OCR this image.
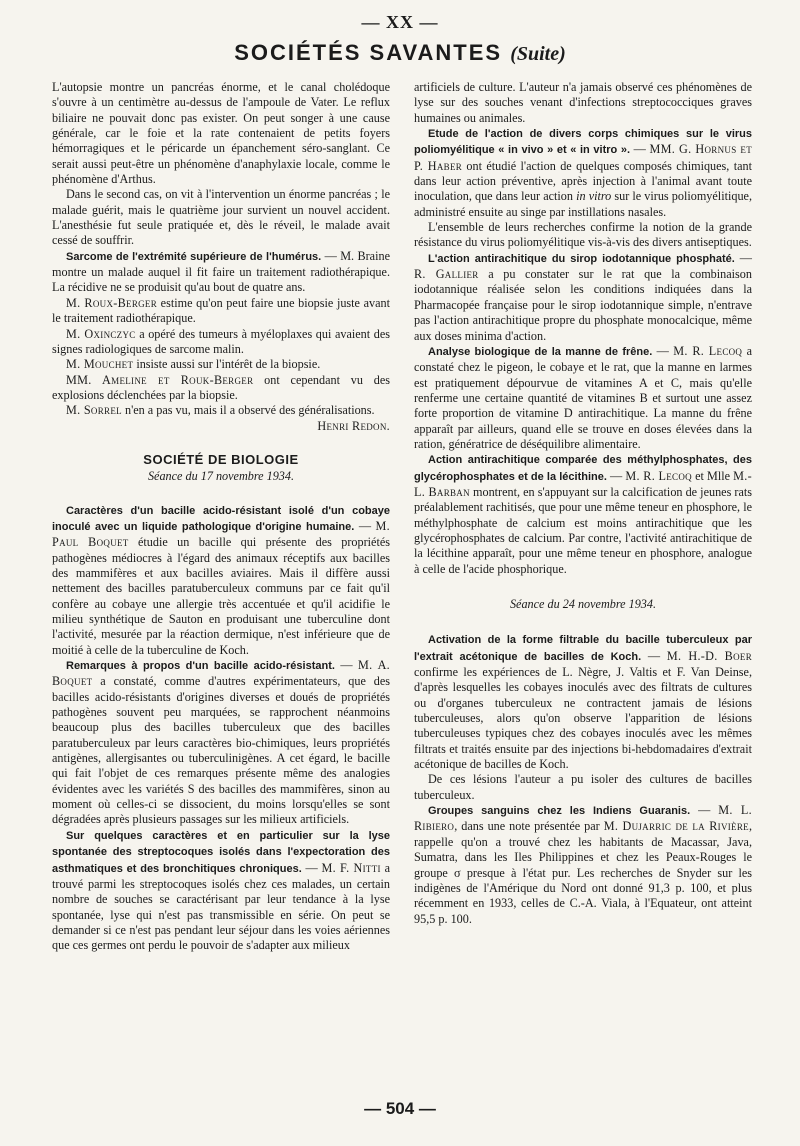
— XX —
SOCIÉTÉS SAVANTES (Suite)

L'autopsie montre un pancréas énorme, et le canal cholédoque s'ouvre à un centimètre au-dessus de l'ampoule de Vater. Le reflux biliaire ne pouvait donc pas exister. On peut songer à une cause générale, car le foie et la rate contenaient de petits foyers hémorragiques et le péricarde un épanchement séro-sanglant. Ce serait aussi peut-être un phénomène d'anaphylaxie locale, comme le phénomène d'Arthus.

Dans le second cas, on vit à l'intervention un énorme pancréas ; le malade guérit, mais le quatrième jour survient un nouvel accident. L'anesthésie fut seule pratiquée et, dès le réveil, le malade avait cessé de souffrir.

Sarcome de l'extrémité supérieure de l'humérus. — M. Braine montre un malade auquel il fit faire un traitement radiothérapique. La récidive ne se produisit qu'au bout de quatre ans.

M. Roux-Berger estime qu'on peut faire une biopsie juste avant le traitement radiothérapique.

M. Oxinczyc a opéré des tumeurs à myéloplaxes qui avaient des signes radiologiques de sarcome malin.

M. Mouchet insiste aussi sur l'intérêt de la biopsie.

MM. Ameline et Rouk-Berger ont cependant vu des explosions déclenchées par la biopsie.

M. Sorrel n'en a pas vu, mais il a observé des généralisations.

Henri Redon.

SOCIÉTÉ DE BIOLOGIE
Séance du 17 novembre 1934.

Caractères d'un bacille acido-résistant isolé d'un cobaye inoculé avec un liquide pathologique d'origine humaine. — M. Paul Boquet étudie un bacille qui présente des propriétés pathogènes médiocres à l'égard des animaux réceptifs aux bacilles des mammifères et aux bacilles aviaires. Mais il diffère aussi nettement des bacilles paratuberculeux communs par ce fait qu'il confère au cobaye une allergie très accentuée et qu'il acidifie le milieu synthétique de Sauton en produisant une tuberculine dont l'activité, mesurée par la réaction dermique, n'est inférieure que de moitié à celle de la tuberculine de Koch.

Remarques à propos d'un bacille acido-résistant. — M. A. Boquet a constaté, comme d'autres expérimentateurs, que des bacilles acido-résistants d'origines diverses et doués de propriétés pathogènes souvent peu marquées, se rapprochent néanmoins beaucoup plus des bacilles tuberculeux que des bacilles paratuberculeux par leurs caractères bio-chimiques, leurs propriétés antigènes, allergisantes ou tuberculinigènes. A cet égard, le bacille qui fait l'objet de ces remarques présente même des analogies évidentes avec les variétés S des bacilles des mammifères, sinon au moment où celles-ci se dissocient, du moins lorsqu'elles se sont dégradées après plusieurs passages sur les milieux artificiels.

Sur quelques caractères et en particulier sur la lyse spontanée des streptocoques isolés dans l'expectoration des asthmatiques et des bronchitiques chroniques. — M. F. Nitti a trouvé parmi les streptocoques isolés chez ces malades, un certain nombre de souches se caractérisant par leur tendance à la lyse spontanée, lyse qui n'est pas transmissible en série. On peut se demander si ce n'est pas pendant leur séjour dans les voies aériennes que ces germes ont perdu le pouvoir de s'adapter aux milieux

artificiels de culture. L'auteur n'a jamais observé ces phénomènes de lyse sur des souches venant d'infections streptococciques graves humaines ou animales.

Etude de l'action de divers corps chimiques sur le virus poliomyélitique « in vivo » et « in vitro ». — MM. G. Hornus et P. Haber ont étudié l'action de quelques composés chimiques, tant dans leur action préventive, après injection à l'animal avant toute inoculation, que dans leur action in vitro sur le virus poliomyélitique, administré ensuite au singe par instillations nasales.

L'ensemble de leurs recherches confirme la notion de la grande résistance du virus poliomyélitique vis-à-vis des divers antiseptiques.

L'action antirachitique du sirop iodotannique phosphaté. — R. Gallier a pu constater sur le rat que la combinaison iodotannique réalisée selon les conditions indiquées dans la Pharmacopée française pour le sirop iodotannique simple, n'entrave pas l'action antirachitique propre du phosphate monocalcique, même aux doses minima d'action.

Analyse biologique de la manne de frêne. — M. R. Lecoq a constaté chez le pigeon, le cobaye et le rat, que la manne en larmes est pratiquement dépourvue de vitamines A et C, mais qu'elle renferme une certaine quantité de vitamines B et surtout une assez forte proportion de vitamine D antirachitique. La manne du frêne apparaît par ailleurs, quand elle se trouve en doses élevées dans la ration, génératrice de déséquilibre alimentaire.

Action antirachitique comparée des méthylphosphates, des glycérophosphates et de la lécithine. — M. R. Lecoq et Mlle M.-L. Barban montrent, en s'appuyant sur la calcification de jeunes rats préalablement rachitisés, que pour une même teneur en phosphore, le méthylphosphate de calcium est moins antirachitique que les glycérophosphates de calcium. Par contre, l'activité antirachitique de la lécithine apparaît, pour une même teneur en phosphore, analogue à celle de l'acide phosphorique.

Séance du 24 novembre 1934.

Activation de la forme filtrable du bacille tuberculeux par l'extrait acétonique de bacilles de Koch. — M. H.-D. Boer confirme les expériences de L. Nègre, J. Valtis et F. Van Deinse, d'après lesquelles les cobayes inoculés avec des filtrats de cultures ou d'organes tuberculeux ne contractent jamais de lésions tuberculeuses, alors qu'on observe l'apparition de lésions tuberculeuses typiques chez des cobayes inoculés avec les mêmes filtrats et traités ensuite par des injections bi-hebdomadaires d'extrait acétonique de bacilles de Koch.

De ces lésions l'auteur a pu isoler des cultures de bacilles tuberculeux.

Groupes sanguins chez les Indiens Guaranis. — M. L. Ribiero, dans une note présentée par M. Dujarric de la Rivière, rappelle qu'on a trouvé chez les habitants de Macassar, Java, Sumatra, dans les Iles Philippines et chez les Peaux-Rouges le groupe σ presque à l'état pur. Les recherches de Snyder sur les indigènes de l'Amérique du Nord ont donné 91,3 p. 100, et plus récemment en 1933, celles de C.-A. Viala, à l'Equateur, ont atteint 95,5 p. 100.

— 504 —
